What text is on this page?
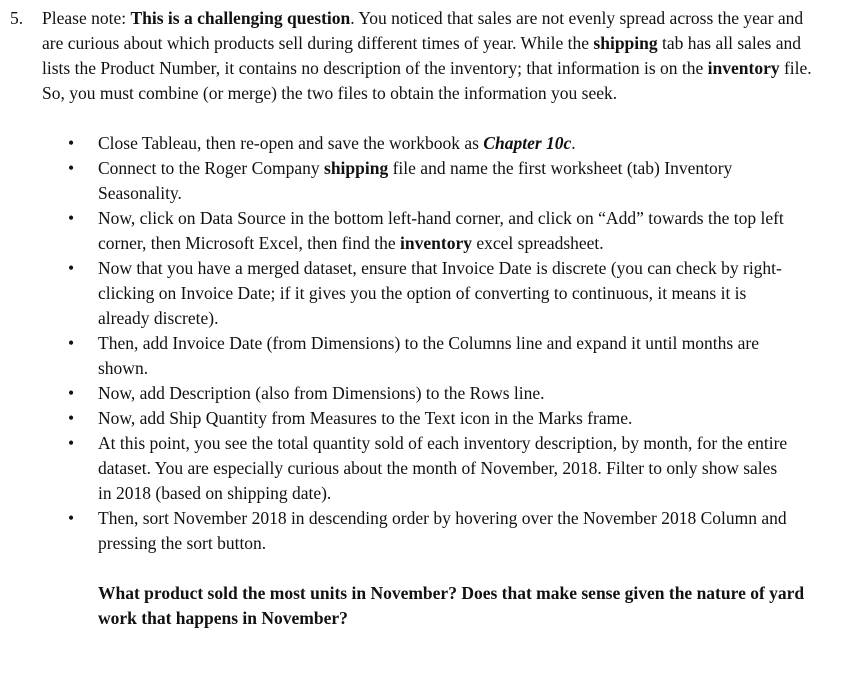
5.	Please note: This is a challenging question. You noticed that sales are not evenly spread across the year and are curious about which products sell during different times of year. While the shipping tab has all sales and lists the Product Number, it contains no description of the inventory; that information is on the inventory file. So, you must combine (or merge) the two files to obtain the information you seek.
• Close Tableau, then re-open and save the workbook as Chapter 10c.
• Connect to the Roger Company shipping file and name the first worksheet (tab) Inventory Seasonality.
• Now, click on Data Source in the bottom left-hand corner, and click on “Add” towards the top left corner, then Microsoft Excel, then find the inventory excel spreadsheet.
• Now that you have a merged dataset, ensure that Invoice Date is discrete (you can check by right-clicking on Invoice Date; if it gives you the option of converting to continuous, it means it is already discrete).
• Then, add Invoice Date (from Dimensions) to the Columns line and expand it until months are shown.
• Now, add Description (also from Dimensions) to the Rows line.
• Now, add Ship Quantity from Measures to the Text icon in the Marks frame.
• At this point, you see the total quantity sold of each inventory description, by month, for the entire dataset. You are especially curious about the month of November, 2018. Filter to only show sales in 2018 (based on shipping date).
• Then, sort November 2018 in descending order by hovering over the November 2018 Column and pressing the sort button.

What product sold the most units in November? Does that make sense given the nature of yard work that happens in November?
